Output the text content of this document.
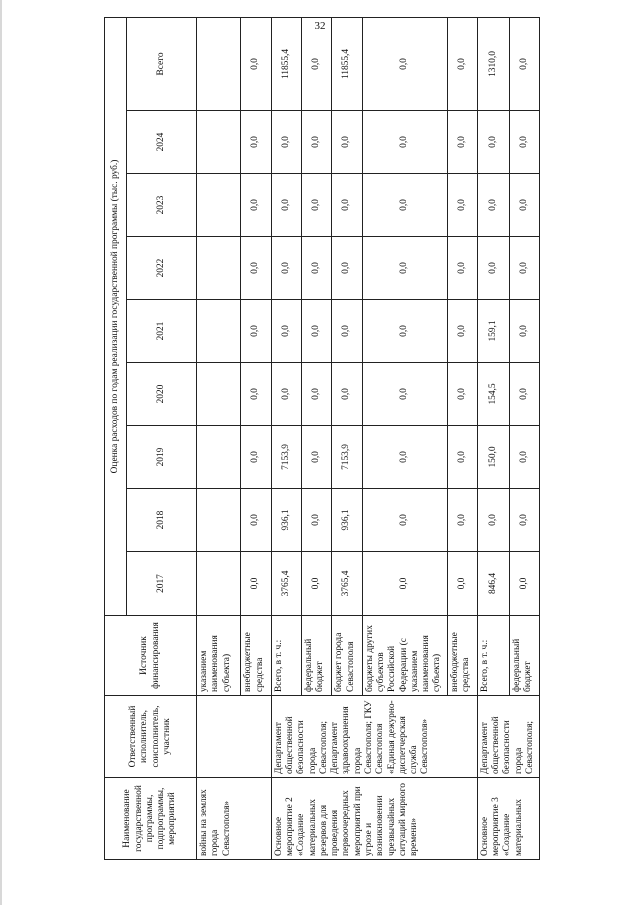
32
Наименование государственной программы, подпрограммы, мероприятий	Ответственный исполнитель, соисполнитель, участник	Источник финансирования	Оценка расходов по годам реализации государственной программы (тыс. руб.)								
			2017	2018	2019	2020	2021	2022	2023	2024	Всего
войны на землях города Севастополя»		указанием наименования субъекта)									
		внебюджетные средства	0,0	0,0	0,0	0,0	0,0	0,0	0,0	0,0	0,0
Основное мероприятие 2 «Создание материальных резервов для проведения первоочередных мероприятий при угрозе и возникновении чрезвычайных ситуаций мирного времени»	Департамент общественной безопасности города Севастополя; Департамент здравоохранения города Севастополя; ГКУ Севастополя «Единая дежурно-диспетчерская служба Севастополя»	Всего, в т. ч.:	3765,4	936,1	7153,9	0,0	0,0	0,0	0,0	0,0	11855,4
		федеральный бюджет	0,0	0,0	0,0	0,0	0,0	0,0	0,0	0,0	0,0
		бюджет города Севастополя	3765,4	936,1	7153,9	0,0	0,0	0,0	0,0	0,0	11855,4
		бюджеты других субъектов Российской Федерации (с указанием наименования субъекта)	0,0	0,0	0,0	0,0	0,0	0,0	0,0	0,0	0,0
		внебюджетные средства	0,0	0,0	0,0	0,0	0,0	0,0	0,0	0,0	0,0
Основное мероприятие 3 «Создание материальных	Департамент общественной безопасности города Севастополя;	Всего, в т. ч.:	846,4	0,0	150,0	154,5	159,1	0,0	0,0	0,0	1310,0
		федеральный бюджет	0,0	0,0	0,0	0,0	0,0	0,0	0,0	0,0	0,0
